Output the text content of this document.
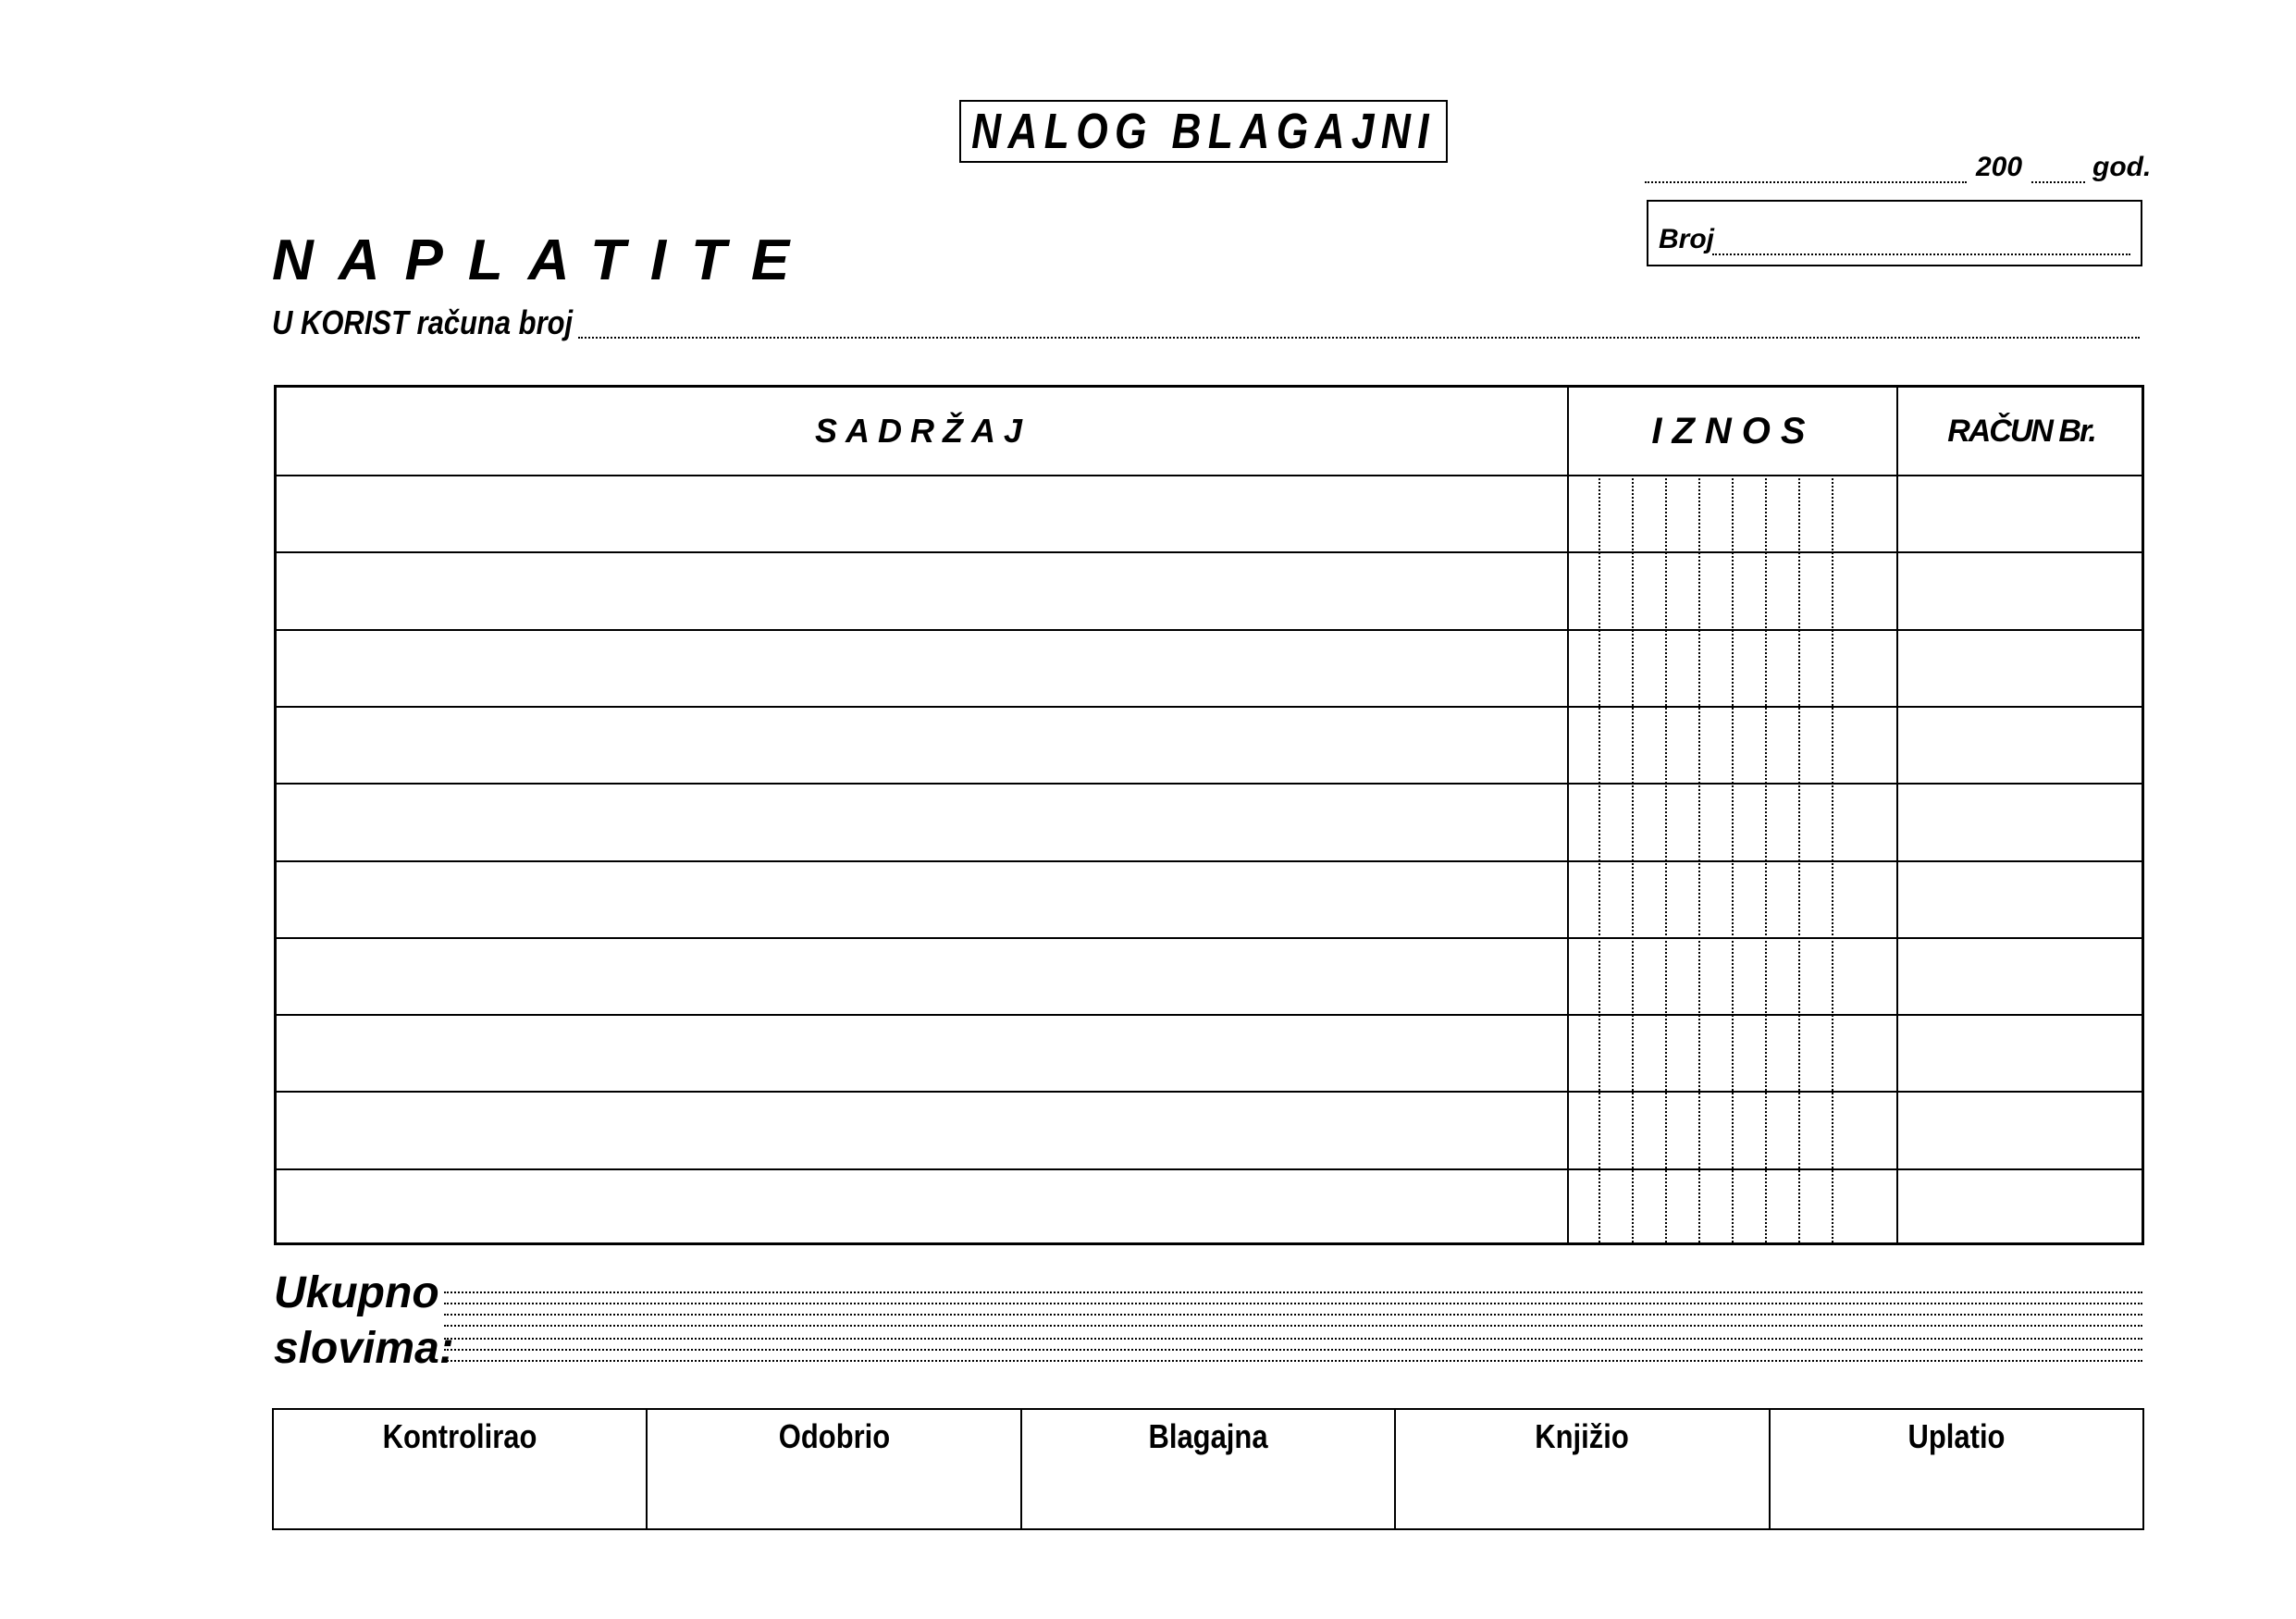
NALOG BLAGAJNI
200	god.
Broj
NAPLATITE
U KORIST računa broj
SADRŽAJ	IZNOS	RAČUN Br.
Ukupno
slovima:
Kontrolirao	Odobrio	Blagajna	Knjižio	Uplatio
